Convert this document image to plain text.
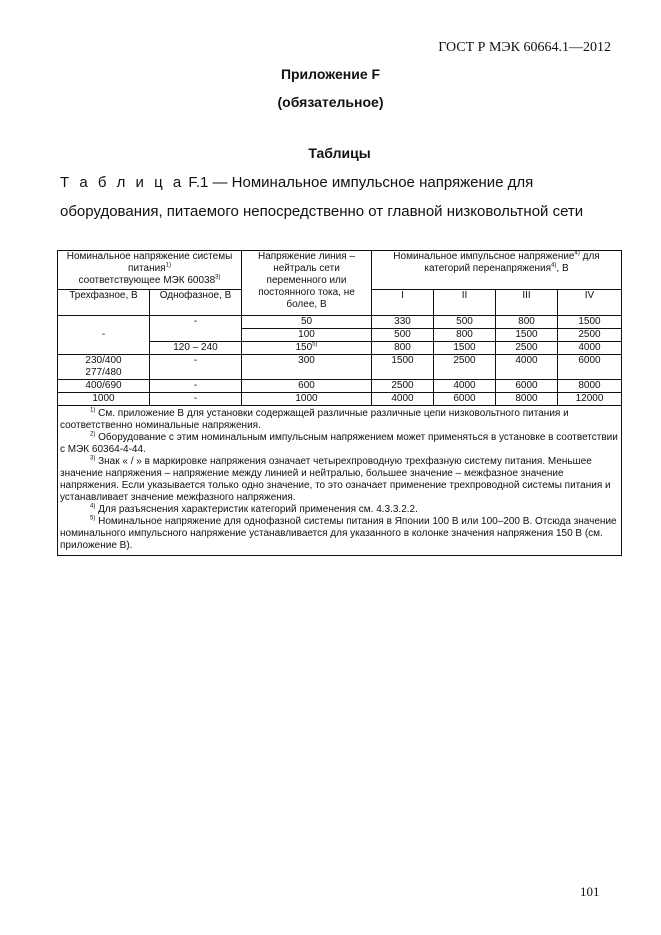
ГОСТ Р МЭК 60664.1—2012
Приложение F
(обязательное)
Таблицы
Т а б л и ц а F.1 — Номинальное импульсное напряжение для
оборудования, питаемого непосредственно от главной низковольтной сети
Номинальное напряжение системы питания$^{1)}$
соответствующее МЭК 60038$^{3)}$		Напряжение линия – нейтраль сети переменного или постоянного тока, не более, В	Номинальное импульсное напряжение$^{4)}$ для категорий перенапряжения$^{4)}$, В			
Трехфазное, В	Однофазное, В		I	II	III	IV
-	-	50	330	500	800	1500
		100	500	800	1500	2500
	120 – 240	150$^{5)}$	800	1500	2500	4000
230/400
277/480	-	300	1500	2500	4000	6000
400/690	-	600	2500	4000	6000	8000
1000	-	1000	4000	6000	8000	12000

$^{1)}$ См. приложение В для установки содержащей различные различные цепи низковольтного питания и соответственно номинальные напряжения.

$^{2)}$ Оборудование с этим номинальным импульсным напряжением может применяться в установке в соответствии с МЭК 60364-4-44.

$^{3)}$ Знак « / » в маркировке напряжения означает четырехпроводную трехфазную систему питания. Меньшее значение напряжения – напряжение между линией и нейтралью, большее значение – межфазное значение напряжения. Если указывается только одно значение, то это означает применение трехпроводной системы питания и устанавливает значение межфазного напряжения.

$^{4)}$ Для разъяснения характеристик категорий применения см. 4.3.3.2.2.

$^{5)}$ Номинальное напряжение для однофазной системы питания в Японии 100 В или 100–200 В. Отсюда значение номинального импульсного напряжение устанавливается для указанного в колонке значения напряжения 150 В (см. приложение В).						

101
